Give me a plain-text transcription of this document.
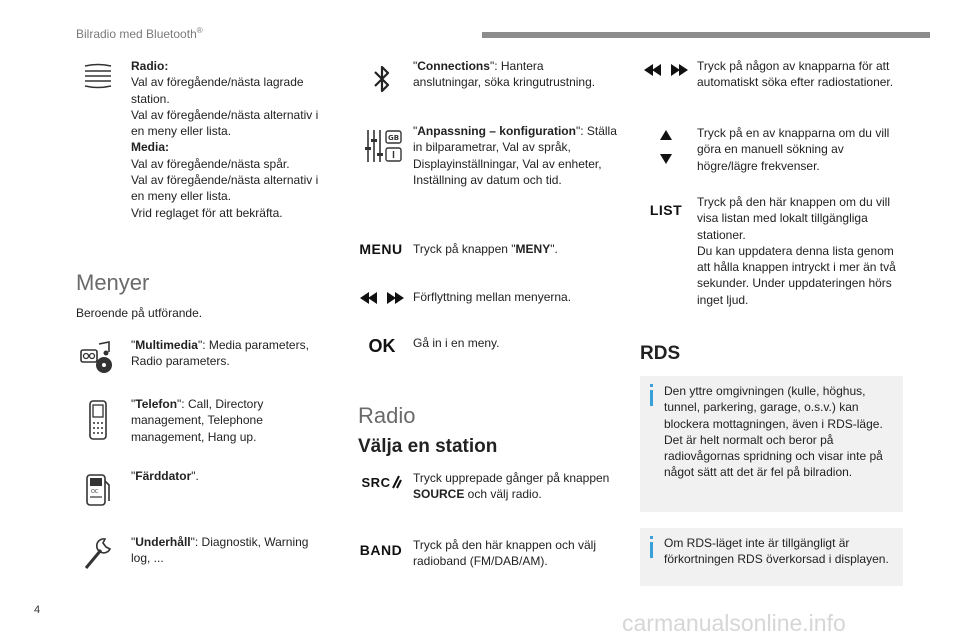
Bilradio med Bluetooth®
Radio:
Val av föregående/nästa lagrade station.
Val av föregående/nästa alternativ i en meny eller lista.
Media:
Val av föregående/nästa spår.
Val av föregående/nästa alternativ i en meny eller lista.
Vrid reglaget för att bekräfta.
Menyer
Beroende på utförande.
"Multimedia": Media parameters, Radio parameters.
"Telefon": Call, Directory management, Telephone management, Hang up.
OC
"Färddator".
"Underhåll": Diagnostik, Warning log, ...
"Connections": Hantera anslutningar, söka kringutrustning.
GB "Anpassning – konfiguration": Ställa in bilparametrar, Val av språk, Displayinställningar, Val av enheter, Inställning av datum och tid.
MENU Tryck på knappen "MENY".
Förflyttning mellan menyerna.
OK Gå in i en meny.
Radio
Välja en station
SRC Tryck upprepade gånger på knappen SOURCE och välj radio.
BAND Tryck på den här knappen och välj radioband (FM/DAB/AM).
Tryck på någon av knapparna för att automatiskt söka efter radiostationer.
Tryck på en av knapparna om du vill göra en manuell sökning av högre/lägre frekvenser.
LIST	Tryck på den här knappen om du vill visa listan med lokalt tillgängliga stationer.
Du kan uppdatera denna lista genom att hålla knappen intryckt i mer än två sekunder. Under uppdateringen hörs inget ljud.
RDS
Den yttre omgivningen (kulle, höghus, tunnel, parkering, garage, o.s.v.) kan blockera mottagningen, även i RDS-läge. Det är helt normalt och beror på radiovågornas spridning och visar inte på något sätt att det är fel på bilradion.
Om RDS-läget inte är tillgängligt är förkortningen RDS överkorsad i displayen.
4	carmanualsonline.info
